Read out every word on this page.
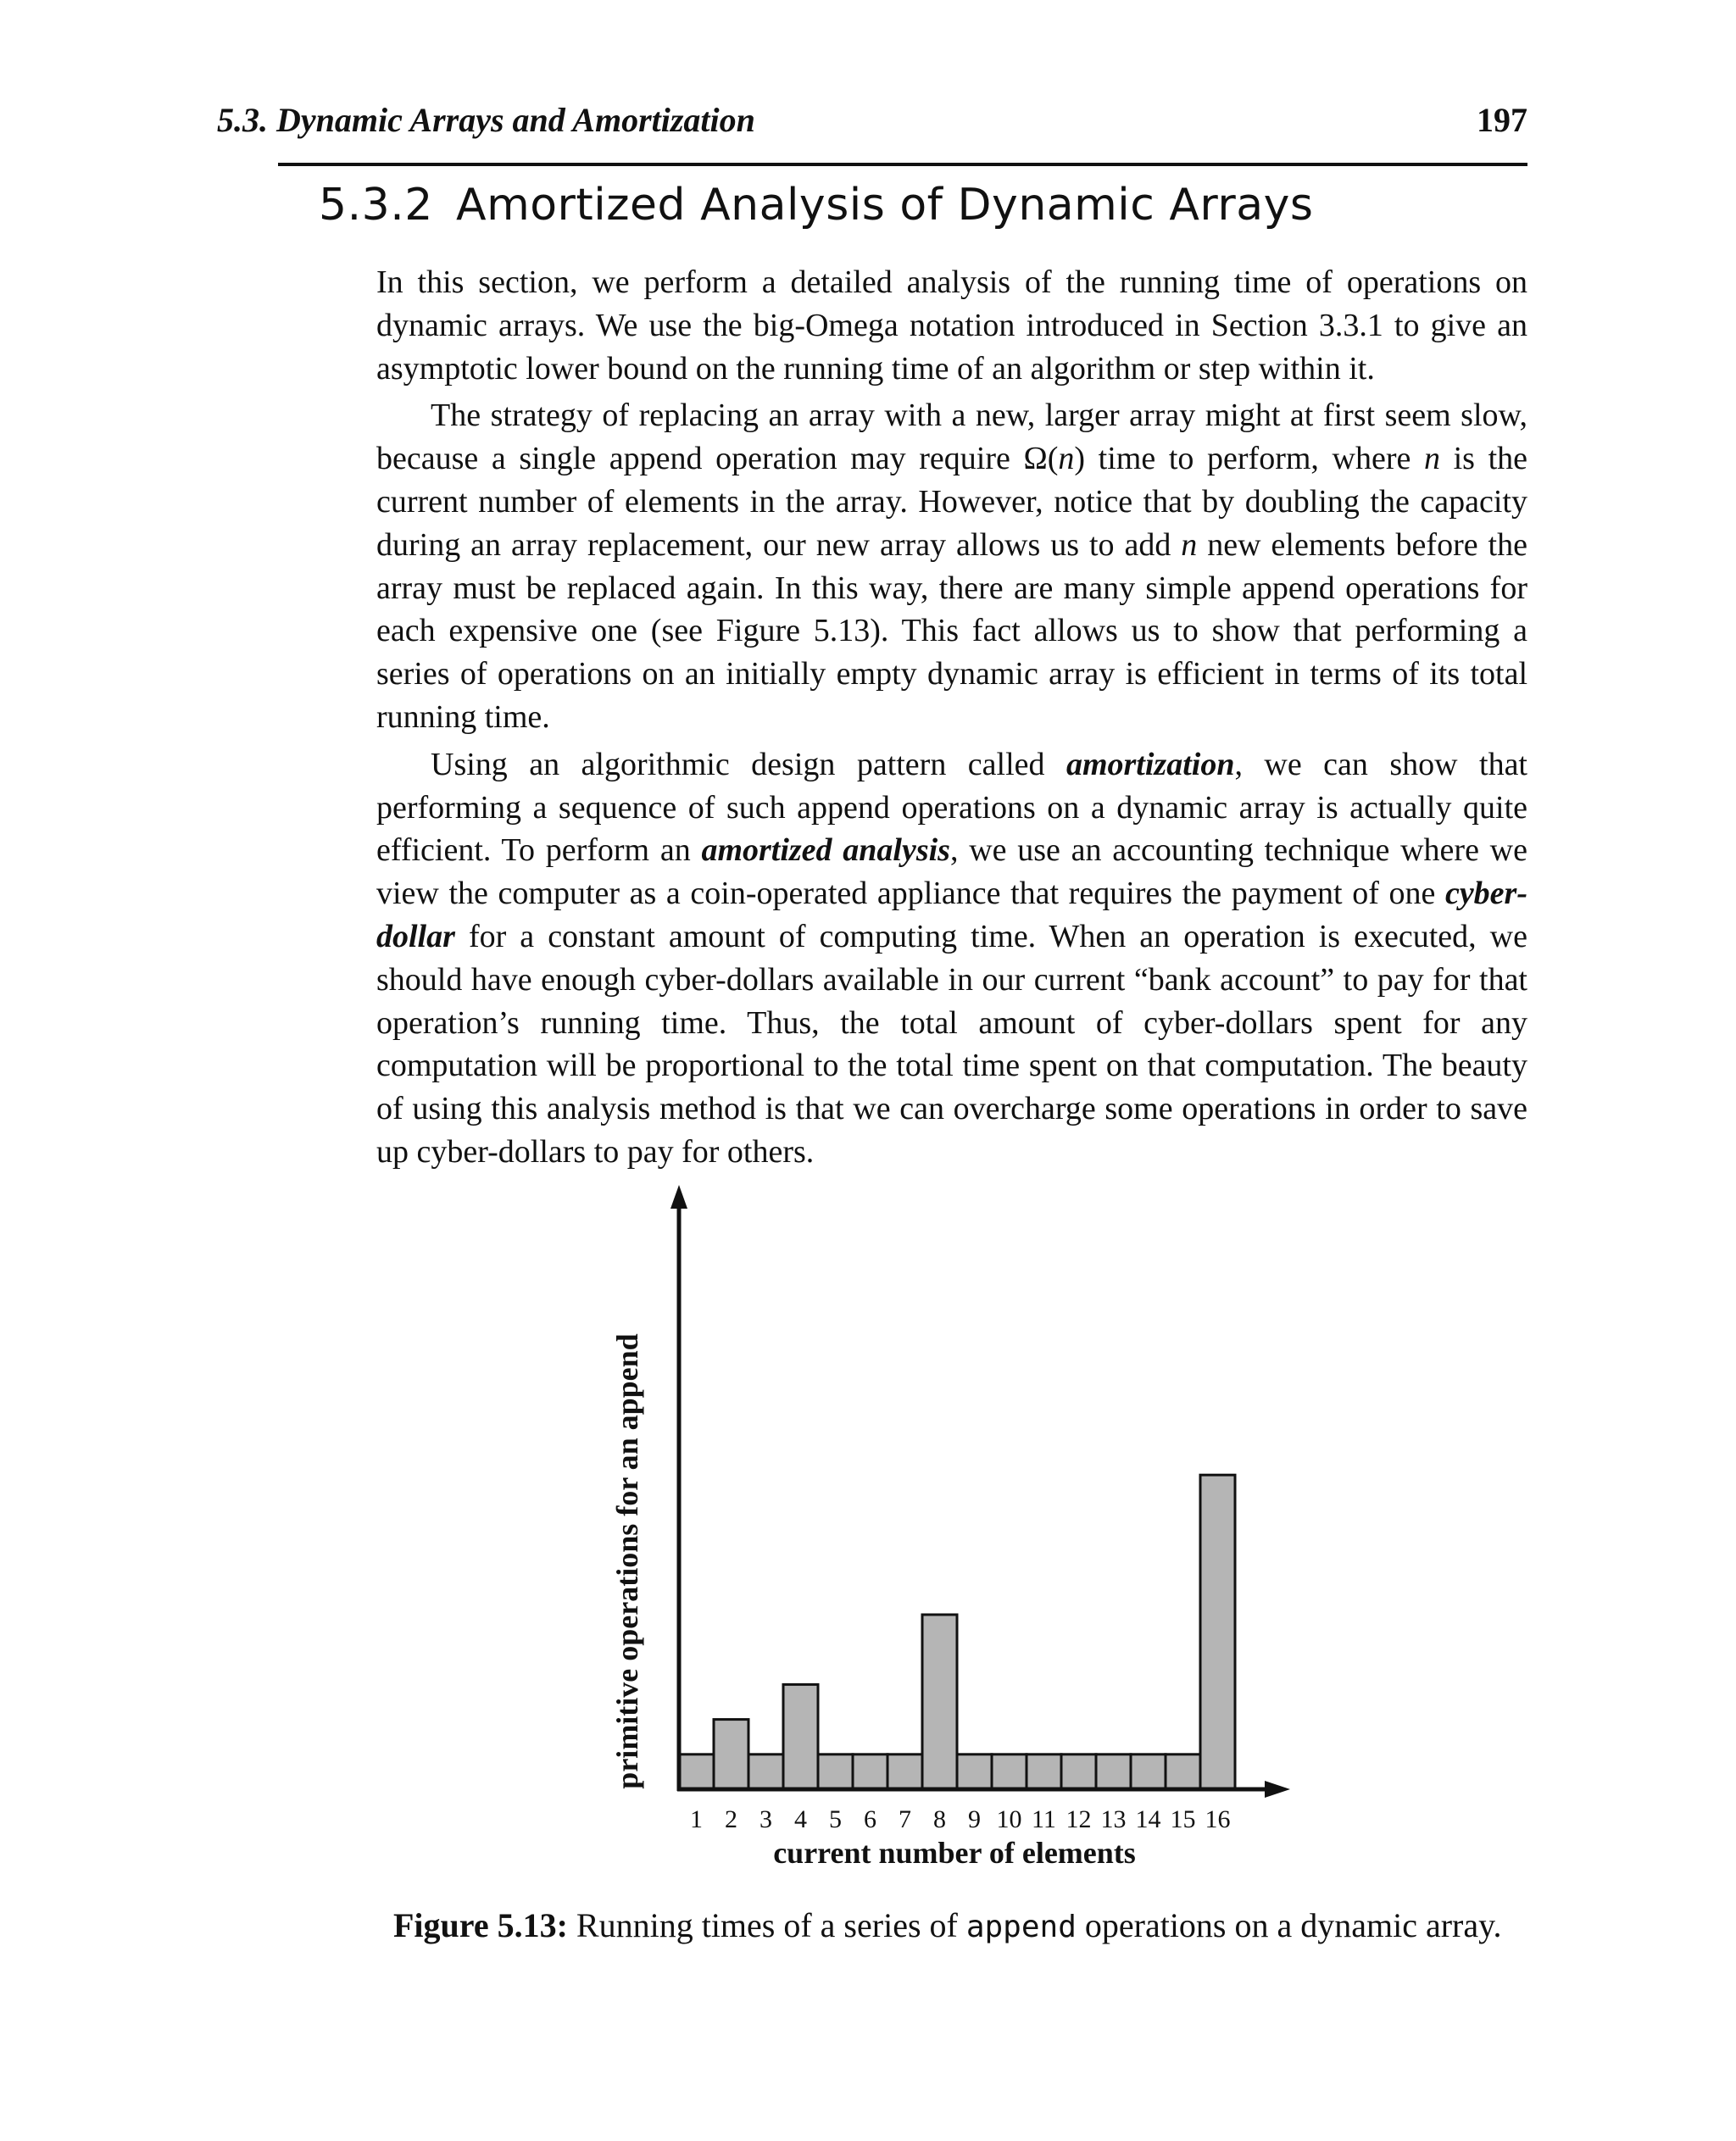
5.3. Dynamic Arrays and Amortization	197
5.3.2 Amortized Analysis of Dynamic Arrays

In this section, we perform a detailed analysis of the running time of operations on dynamic arrays. We use the big-Omega notation introduced in Section 3.3.1 to give an asymptotic lower bound on the running time of an algorithm or step within it.

The strategy of replacing an array with a new, larger array might at first seem slow, because a single append operation may require Ω(n) time to perform, where n is the current number of elements in the array. However, notice that by doubling the capacity during an array replacement, our new array allows us to add n new elements before the array must be replaced again. In this way, there are many simple append operations for each expensive one (see Figure 5.13). This fact allows us to show that performing a series of operations on an initially empty dynamic array is efficient in terms of its total running time.

Using an algorithmic design pattern called amortization, we can show that performing a sequence of such append operations on a dynamic array is actually quite efficient. To perform an amortized analysis, we use an accounting technique where we view the computer as a coin-operated appliance that requires the payment of one cyber-dollar for a constant amount of computing time. When an operation is executed, we should have enough cyber-dollars available in our current “bank account” to pay for that operation’s running time. Thus, the total amount of cyber-dollars spent for any computation will be proportional to the total time spent on that computation. The beauty of using this analysis method is that we can overcharge some operations in order to save up cyber-dollars to pay for others.

1 2 3 4 5 6 7 8 9 10 11 12 13 14 15 16
current number of elements
primitive operations for an append
Figure 5.13: Running times of a series of append operations on a dynamic array.
